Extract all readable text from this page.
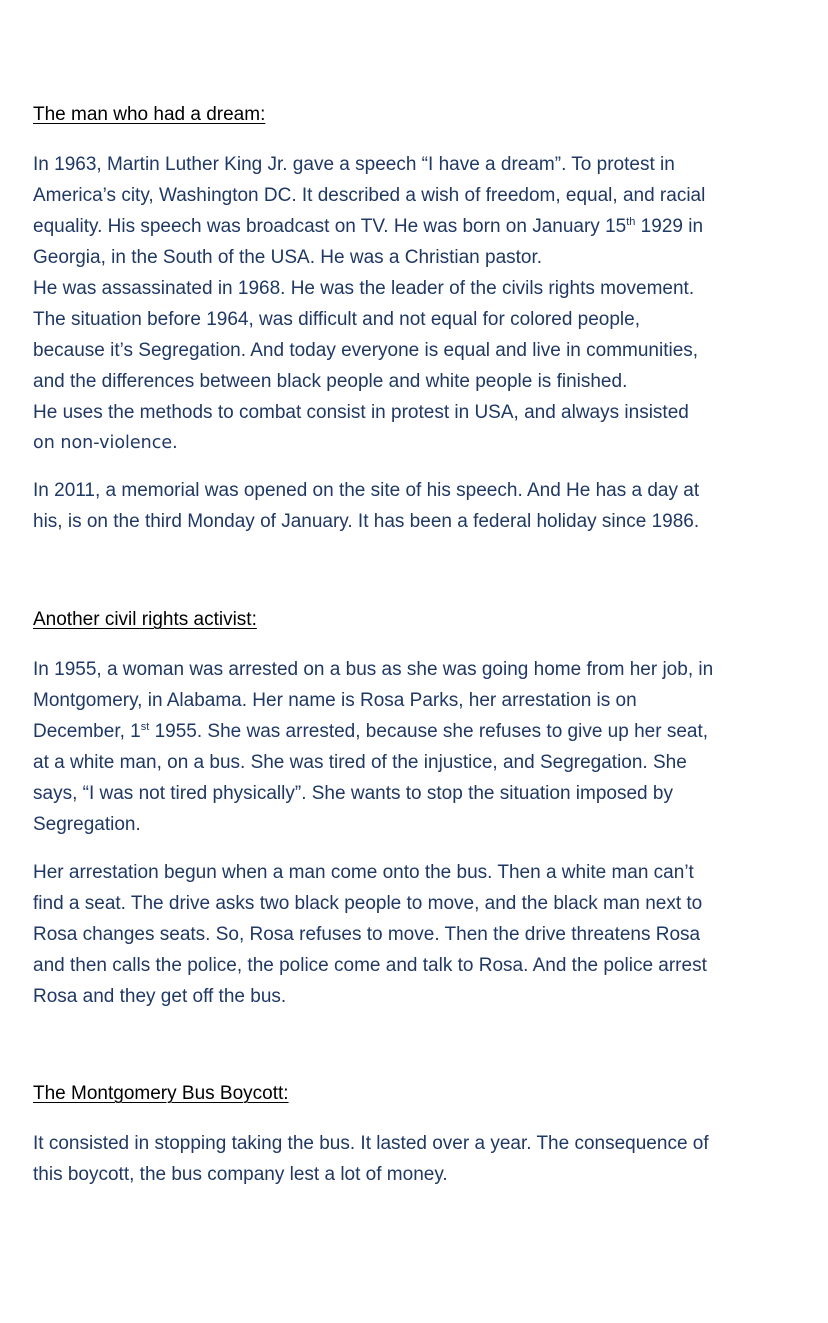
The man who had a dream:
In 1963, Martin Luther King Jr. gave a speech “I have a dream”. To protest in
America’s city, Washington DC. It described a wish of freedom, equal, and racial
equality. His speech was broadcast on TV. He was born on January 15th 1929 in
Georgia, in the South of the USA. He was a Christian pastor.
He was assassinated in 1968. He was the leader of the civils rights movement.
The situation before 1964, was difficult and not equal for colored people,
because it’s Segregation. And today everyone is equal and live in communities,
and the differences between black people and white people is finished.
He uses the methods to combat consist in protest in USA, and always insisted
on non-violence.
In 2011, a memorial was opened on the site of his speech. And He has a day at
his, is on the third Monday of January. It has been a federal holiday since 1986.
Another civil rights activist:
In 1955, a woman was arrested on a bus as she was going home from her job, in
Montgomery, in Alabama. Her name is Rosa Parks, her arrestation is on
December, 1st 1955. She was arrested, because she refuses to give up her seat,
at a white man, on a bus. She was tired of the injustice, and Segregation. She
says, “I was not tired physically”. She wants to stop the situation imposed by
Segregation.
Her arrestation begun when a man come onto the bus. Then a white man can’t
find a seat. The drive asks two black people to move, and the black man next to
Rosa changes seats. So, Rosa refuses to move. Then the drive threatens Rosa
and then calls the police, the police come and talk to Rosa. And the police arrest
Rosa and they get off the bus.
The Montgomery Bus Boycott:
It consisted in stopping taking the bus. It lasted over a year. The consequence of
this boycott, the bus company lest a lot of money.
